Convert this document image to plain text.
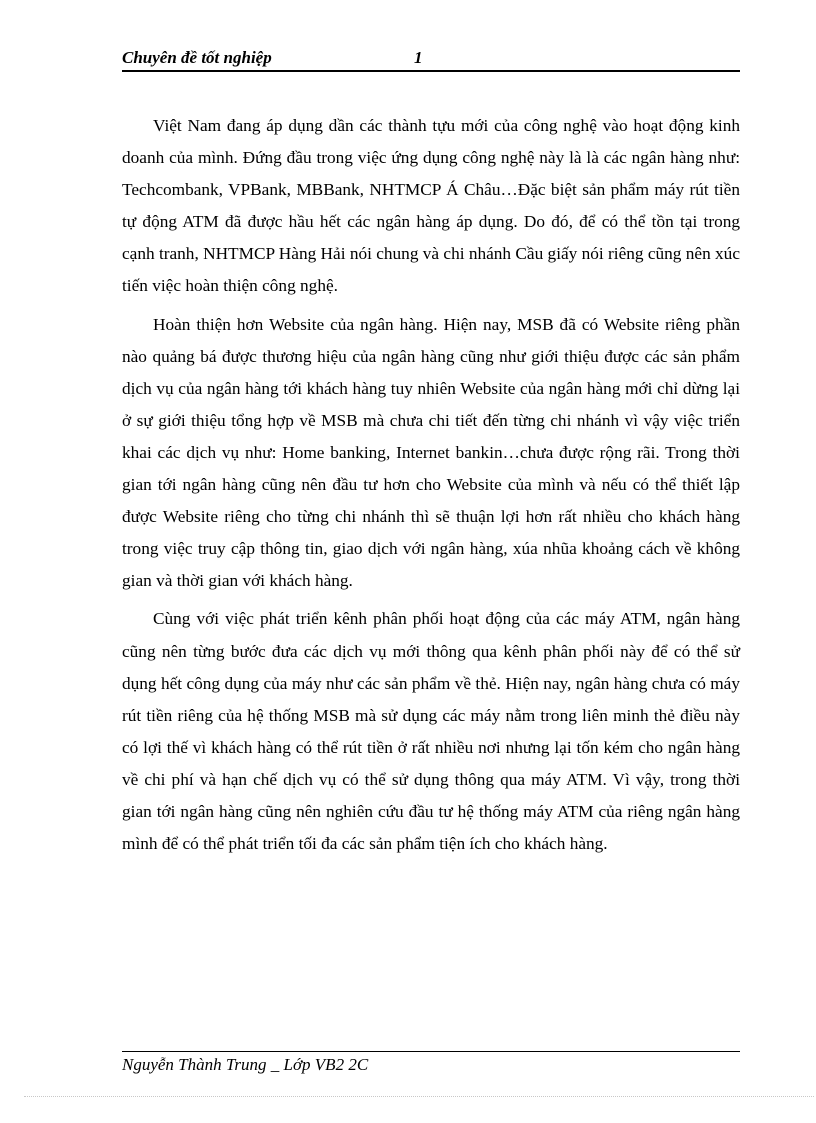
Chuyên đề tốt nghiệp	1

Việt Nam đang áp dụng dần các thành tựu mới của công nghệ vào hoạt động kinh doanh của mình. Đứng đầu trong việc ứng dụng công nghệ này là là các ngân hàng như: Techcombank, VPBank, MBBank, NHTMCP Á Châu…Đặc biệt sản phẩm máy rút tiền tự động ATM đã được hầu hết các ngân hàng áp dụng. Do đó, để có thể tồn tại trong cạnh tranh, NHTMCP Hàng Hải nói chung và chi nhánh Cầu giấy nói riêng cũng nên xúc tiến việc hoàn thiện công nghệ.

Hoàn thiện hơn Website của ngân hàng. Hiện nay, MSB đã có Website riêng phần nào quảng bá được thương hiệu của ngân hàng cũng như giới thiệu được các sản phẩm dịch vụ của ngân hàng tới khách hàng tuy nhiên Website của ngân hàng mới chỉ dừng lại ở sự giới thiệu tổng hợp về MSB mà chưa chi tiết đến từng chi nhánh vì vậy việc triển khai các dịch vụ như: Home banking, Internet bankin…chưa được rộng rãi. Trong thời gian tới ngân hàng cũng nên đầu tư hơn cho Website của mình và nếu có thể thiết lập được Website riêng cho từng chi nhánh thì sẽ thuận lợi hơn rất nhiều cho khách hàng trong việc truy cập thông tin, giao dịch với ngân hàng, xúa nhũa khoảng cách về không gian và thời gian với khách hàng.

Cùng với việc phát triển kênh phân phối hoạt động của các máy ATM, ngân hàng cũng nên từng bước đưa các dịch vụ mới thông qua kênh phân phối này để có thể sử dụng hết công dụng của máy như các sản phẩm về thẻ. Hiện nay, ngân hàng chưa có máy rút tiền riêng của hệ thống MSB mà sử dụng các máy nằm trong liên minh thẻ điều này có lợi thế vì khách hàng có thể rút tiền ở rất nhiều nơi nhưng lại tốn kém cho ngân hàng về chi phí và hạn chế dịch vụ có thể sử dụng thông qua máy ATM. Vì vậy, trong thời gian tới ngân hàng cũng nên nghiên cứu đầu tư hệ thống máy ATM của riêng ngân hàng mình để có thể phát triển tối đa các sản phẩm tiện ích cho khách hàng.

Nguyễn Thành Trung _ Lớp VB2 2C
